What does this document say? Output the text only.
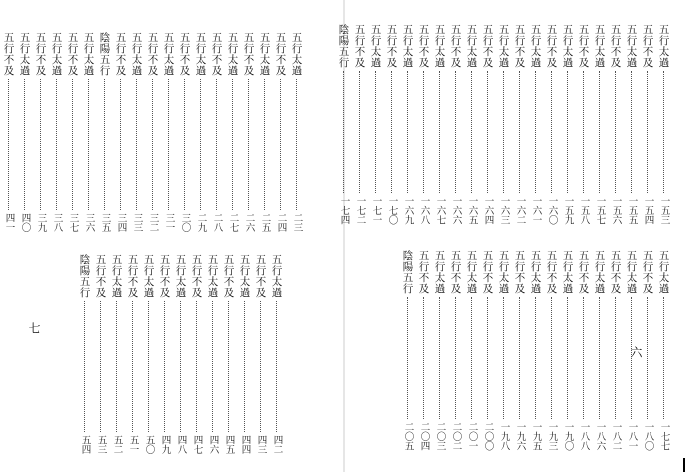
五行太過
二三
五行不及
二四
五行太過
二五
五行不及
二六
五行太過
二七
五行不及
二八
五行太過
二九
五行不及
三〇
五行太過
三一
五行不及
三二
五行太過
三三
五行不及
三四
陰陽五行
三五
五行太過
三六
五行不及
三七
五行太過
三八
五行不及
三九
五行太過
四〇
五行不及
四一
五行太過
四二
五行不及
四三
五行太過
四四
五行不及
四五
五行太過
四六
五行不及
四七
五行太過
四八
五行不及
四九
五行太過
五〇
五行不及
五一
五行太過
五二
五行不及
五三
陰陽五行
五四
七
五行太過
一五三
五行不及
一五四
五行太過
一五五
五行不及
一五六
五行太過
一五七
五行不及
一五八
五行太過
一五九
五行不及
一六〇
五行太過
一六一
五行不及
一六二
五行太過
一六三
五行不及
一六四
五行太過
一六五
五行不及
一六六
五行太過
一六七
五行不及
一六八
五行太過
一六九
五行不及
一七〇
五行太過
一七一
五行不及
一七二
陰陽五行
一七四
五行太過
一七七
五行不及
一八〇
五行太過
一八一
五行不及
一八二
五行太過
一八六
五行不及
一八八
五行太過
一九〇
五行不及
一九三
五行太過
一九五
五行不及
一九六
五行太過
一九八
五行不及
二〇〇
五行太過
二〇一
五行不及
二〇二
五行太過
二〇三
五行不及
二〇四
陰陽五行
二〇五
六
